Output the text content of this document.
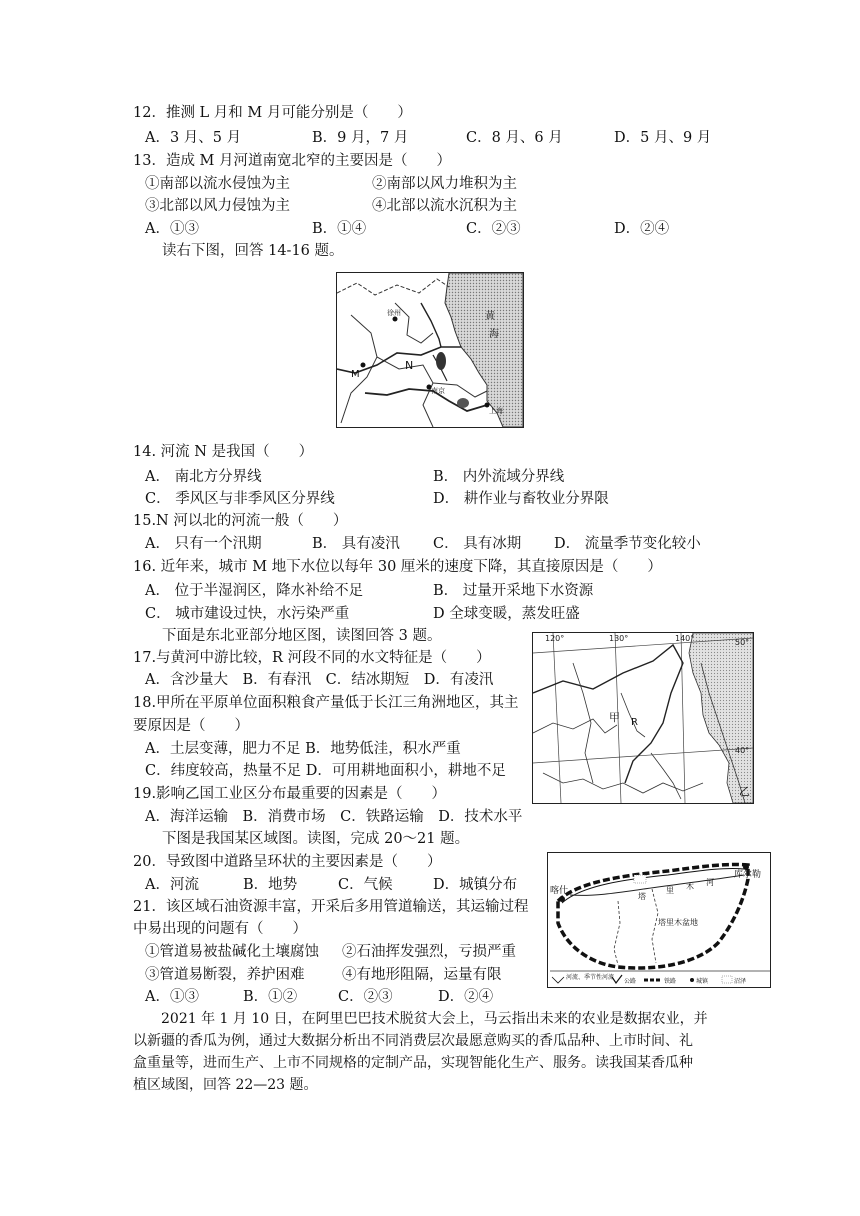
12．推测 L 月和 M 月可能分别是（　　）
A．3 月、5 月	B．9 月，7 月	C．8 月、6 月	D．5 月、9 月
13．造成 M 月河道南宽北窄的主要因是（　　）
①南部以流水侵蚀为主	②南部以风力堆积为主
③北部以风力侵蚀为主	④北部以流水沉积为主
A．①③	B．①④	C．②③	D．②④
读右下图，回答 14-16 题。
黄
海
徐州
N
M
南京
上海
14. 河流 N 是我国（　　）
A． 南北方分界线	B． 内外流域分界线
C． 季风区与非季风区分界线	D． 耕作业与畜牧业分界限
15.N 河以北的河流一般（　　）
A． 只有一个汛期	B． 具有凌汛 C． 具有冰期 D． 流量季节变化较小
16. 近年来，城市 M 地下水位以每年 30 厘米的速度下降，其直接原因是（　　）
A． 位于半湿润区，降水补给不足	B． 过量开采地下水资源
C． 城市建设过快，水污染严重	D 全球变暖，蒸发旺盛
下面是东北亚部分地区图，读图回答 3 题。	120°	130°	140°	50°
40°
甲 R
乙
17.与黄河中游比较，R 河段不同的水文特征是（　　）
A．含沙量大　B．有春汛　C．结冰期短　D．有凌汛
18.甲所在平原单位面积粮食产量低于长江三角洲地区，其主
要原因是（　　）
A．土层变薄，肥力不足 B．地势低洼，积水严重
C．纬度较高，热量不足 D．可用耕地面积小，耕地不足
19.影响乙国工业区分布最重要的因素是（　　）
A．海洋运输　B．消费市场　C．铁路运输　D．技术水平
下图是我国某区域图。读图，完成 20～21 题。
喀什
库尔勒
塔
里 木 河
塔里木盆地
河流、季节性河流
公路	铁路	城镇	沼泽
20．导致图中道路呈环状的主要因素是（　　）
A．河流	B．地势	C．气候	D．城镇分布
21．该区域石油资源丰富，开采后多用管道输送，其运输过程
中易出现的问题有（　　）
①管道易被盐碱化土壤腐蚀 ②石油挥发强烈，亏损严重
③管道易断裂，养护困难	④有地形阻隔，运量有限
A．①③	B．①②	C．②③	D．②④
2021 年 1 月 10 日，在阿里巴巴技术脱贫大会上，马云指出未来的农业是数据农业，并
以新疆的香瓜为例，通过大数据分析出不同消费层次最愿意购买的香瓜品种、上市时间、礼
盒重量等，进而生产、上市不同规格的定制产品，实现智能化生产、服务。读我国某香瓜种
植区域图，回答 22—23 题。
